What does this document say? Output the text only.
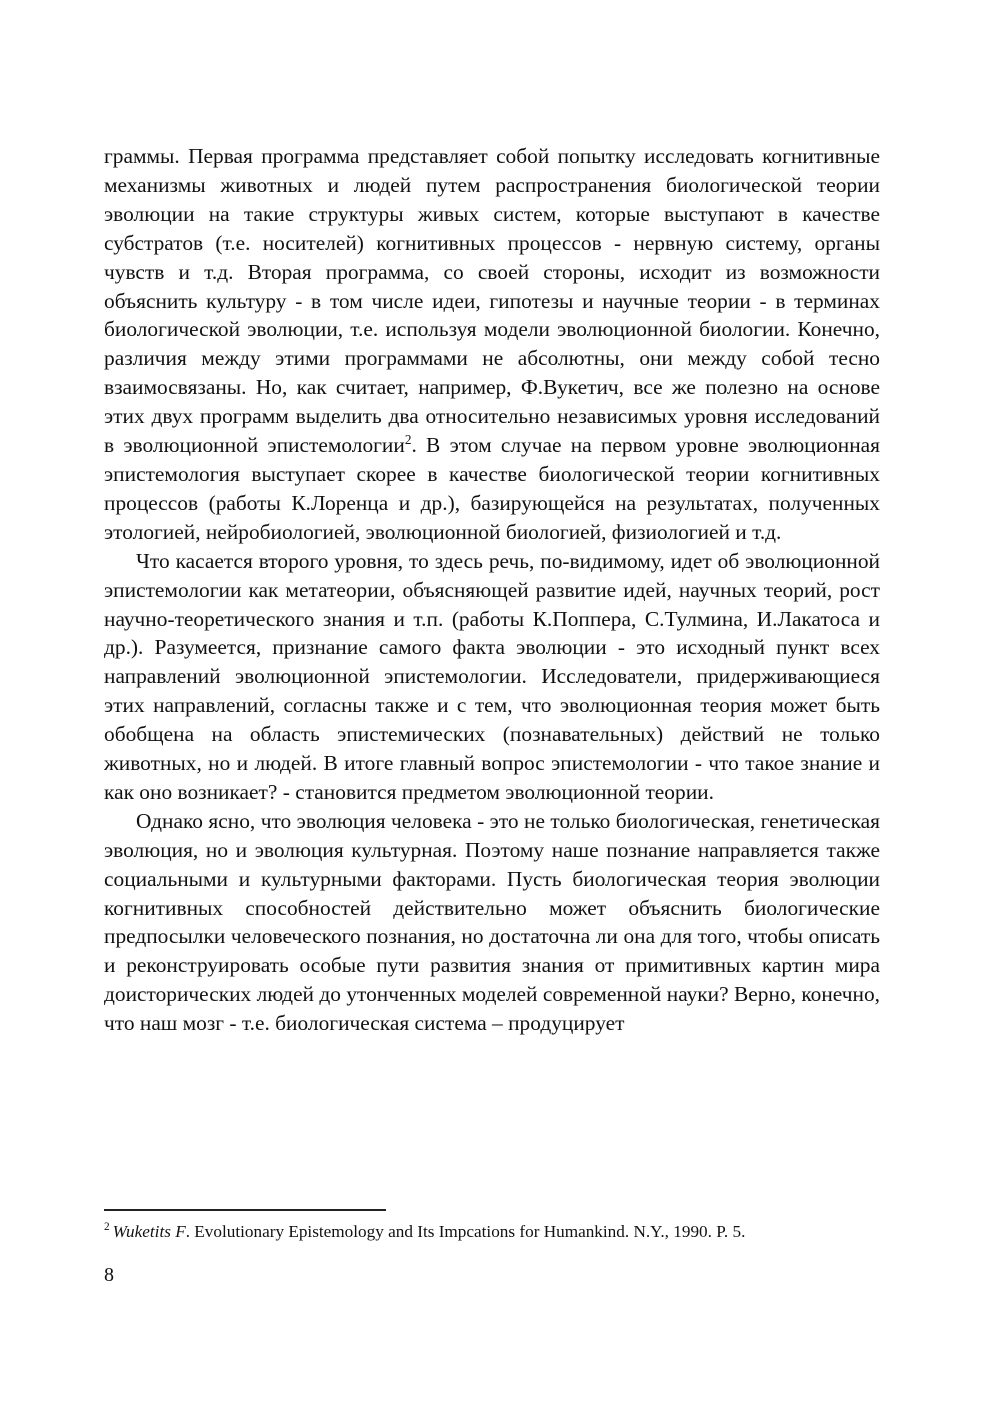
граммы. Первая программа представляет собой попытку исследовать когнитивные механизмы животных и людей путем распространения биологической теории эволюции на такие структуры живых систем, которые выступают в качестве субстратов (т.е. носителей) когнитивных процессов - нервную систему, органы чувств и т.д. Вторая программа, со своей стороны, исходит из возможности объяснить культуру - в том числе идеи, гипотезы и научные теории - в терминах биологической эволюции, т.е. используя модели эволюционной биологии. Конечно, различия между этими программами не абсолютны, они между собой тесно взаимосвязаны. Но, как считает, например, Ф.Вукетич, все же полезно на основе этих двух программ выделить два относительно независимых уровня исследований в эволюционной эпистемологии$^2$. В этом случае на первом уровне эволюционная эпистемология выступает скорее в качестве биологической теории когнитивных процессов (работы К.Лоренца и др.), базирующейся на результатах, полученных этологией, нейробиологией, эволюционной биологией, физиологией и т.д.

Что касается второго уровня, то здесь речь, по-видимому, идет об эволюционной эпистемологии как метатеории, объясняющей развитие идей, научных теорий, рост научно-теоретического знания и т.п. (работы К.Поппера, С.Тулмина, И.Лакатоса и др.). Разумеется, признание самого факта эволюции - это исходный пункт всех направлений эволюционной эпистемологии. Исследователи, придерживающиеся этих направлений, согласны также и с тем, что эволюционная теория может быть обобщена на область эпистемических (познавательных) действий не только животных, но и людей. В итоге главный вопрос эпистемологии - что такое знание и как оно возникает? - становится предметом эволюционной теории.

Однако ясно, что эволюция человека - это не только биологическая, генетическая эволюция, но и эволюция культурная. Поэтому наше познание направляется также социальными и культурными факторами. Пусть биологическая теория эволюции когнитивных способностей действительно может объяснить биологические предпосылки человеческого познания, но достаточна ли она для того, чтобы описать и реконструировать особые пути развития знания от примитивных картин мира доисторических людей до утонченных моделей современной науки? Верно, конечно, что наш мозг - т.е. биологическая система – продуцирует

$^2$ Wuketits F. Evolutionary Epistemology and Its Impcations for Humankind. N.Y., 1990. P. 5.

8
